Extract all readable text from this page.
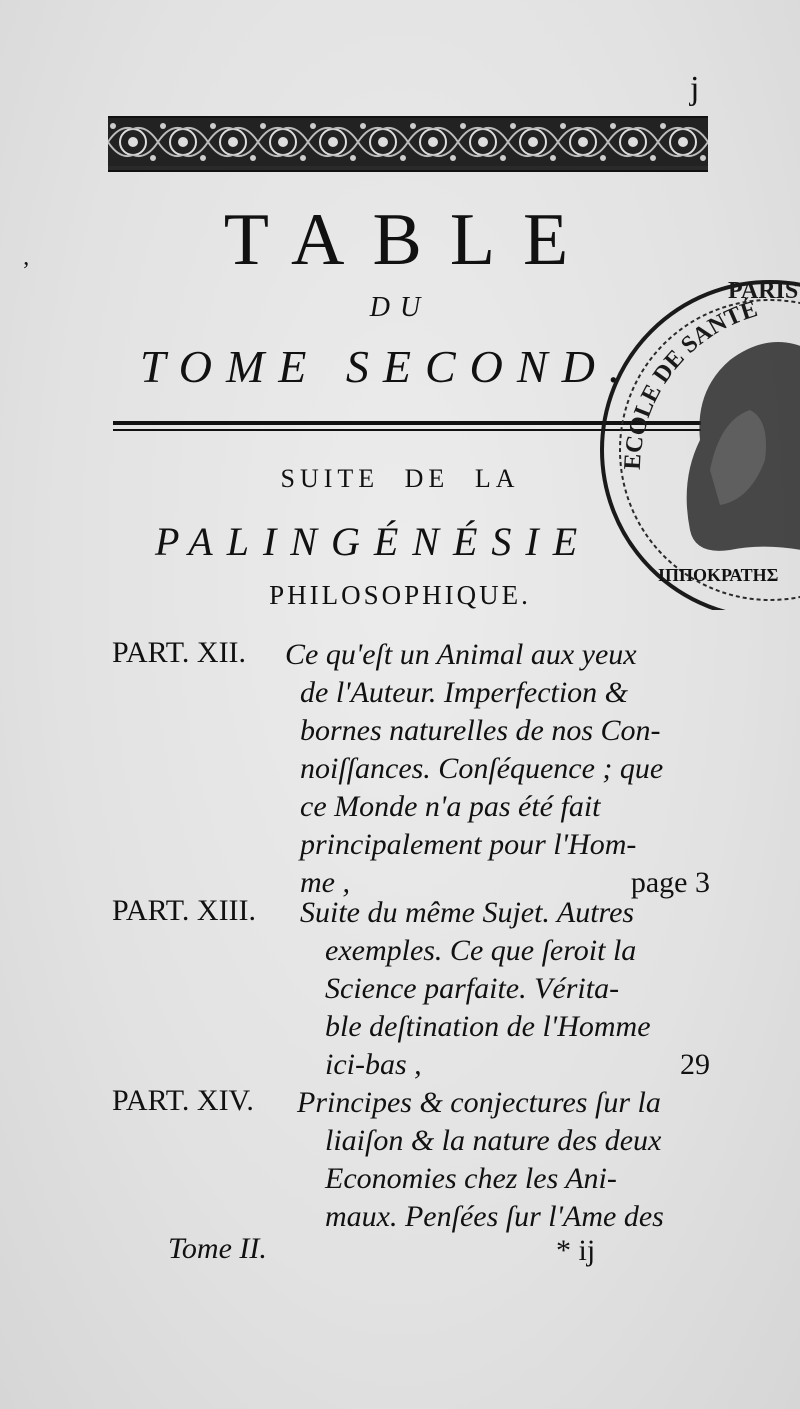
ʼ
j
TABLE
DU
TOME SECOND.
SUITE DE LA
PALINGÉNÉSIE
PHILOSOPHIQUE.
PART. XII. Ce qu'eſt un Animal aux yeux
de l'Auteur. Imperfection &
bornes naturelles de nos Con-
noiſſances. Conſéquence ; que
ce Monde n'a pas été fait
principalement pour l'Hom-
me ,	page 3
PART. XIII. Suite du même Sujet. Autres
exemples. Ce que ſeroit la
Science parfaite. Vérita-
ble deſtination de l'Homme
ici-bas ,	29
PART. XIV. Principes & conjectures ſur la
liaiſon & la nature des deux
Economies chez les Ani-
maux. Penſées ſur l'Ame des
Tome II.	* ij
ECOLE DE SANTÉ
PARIS
ΙΠΠΟΚΡΑΤΗΣ
